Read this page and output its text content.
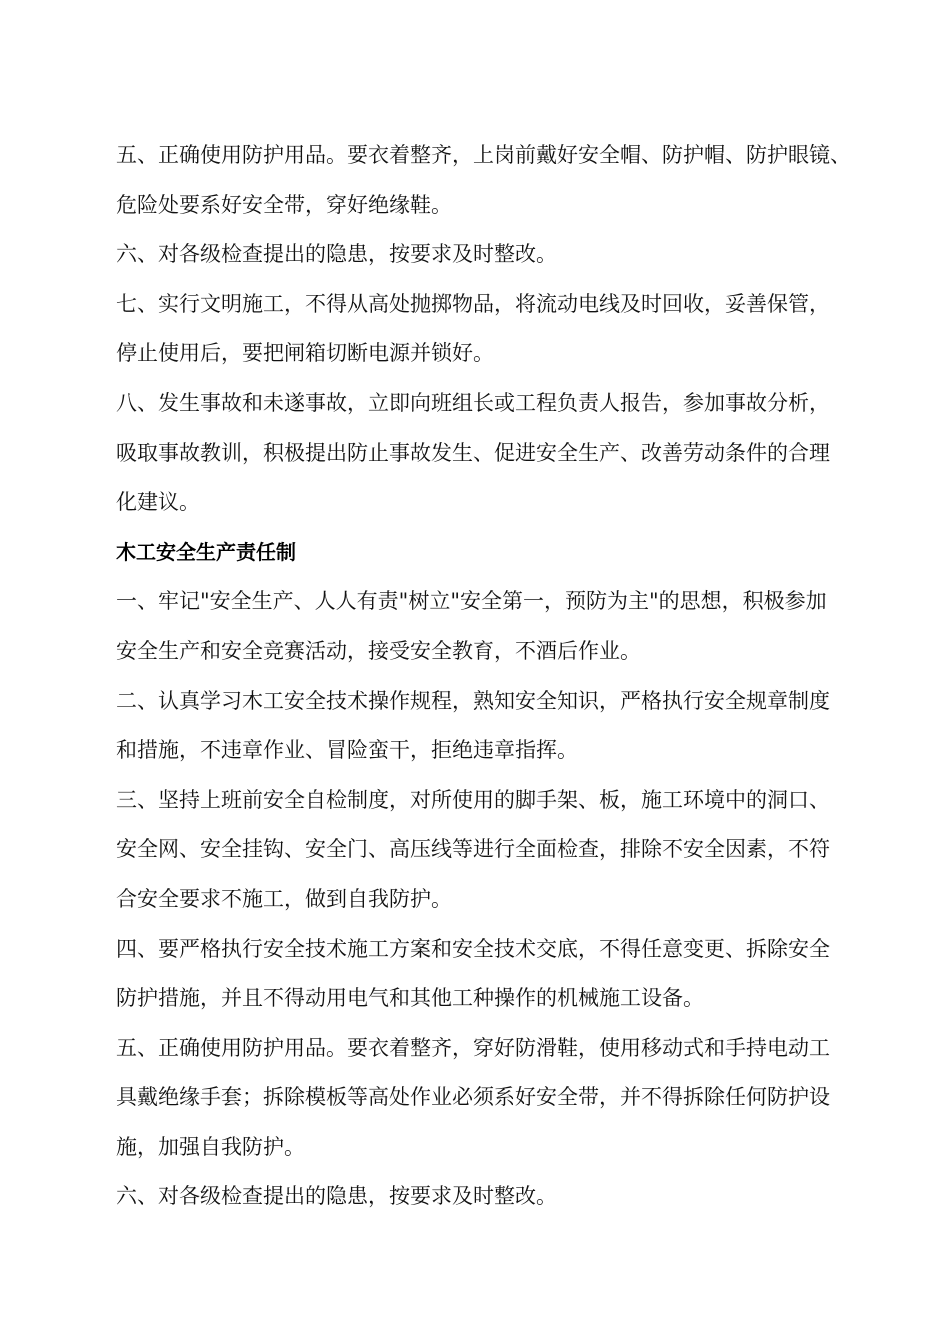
五、正确使用防护用品。要衣着整齐，上岗前戴好安全帽、防护帽、防护眼镜、
危险处要系好安全带，穿好绝缘鞋。
六、对各级检查提出的隐患，按要求及时整改。
七、实行文明施工，不得从高处抛掷物品，将流动电线及时回收，妥善保管，
停止使用后，要把闸箱切断电源并锁好。
八、发生事故和未遂事故，立即向班组长或工程负责人报告，参加事故分析，
吸取事故教训，积极提出防止事故发生、促进安全生产、改善劳动条件的合理
化建议。
木工安全生产责任制
一、牢记"安全生产、人人有责"树立"安全第一，预防为主"的思想，积极参加
安全生产和安全竞赛活动，接受安全教育，不酒后作业。
二、认真学习木工安全技术操作规程，熟知安全知识，严格执行安全规章制度
和措施，不违章作业、冒险蛮干，拒绝违章指挥。
三、坚持上班前安全自检制度，对所使用的脚手架、板，施工环境中的洞口、
安全网、安全挂钩、安全门、高压线等进行全面检查，排除不安全因素，不符
合安全要求不施工，做到自我防护。
四、要严格执行安全技术施工方案和安全技术交底，不得任意变更、拆除安全
防护措施，并且不得动用电气和其他工种操作的机械施工设备。
五、正确使用防护用品。要衣着整齐，穿好防滑鞋，使用移动式和手持电动工
具戴绝缘手套；拆除模板等高处作业必须系好安全带，并不得拆除任何防护设
施，加强自我防护。
六、对各级检查提出的隐患，按要求及时整改。
